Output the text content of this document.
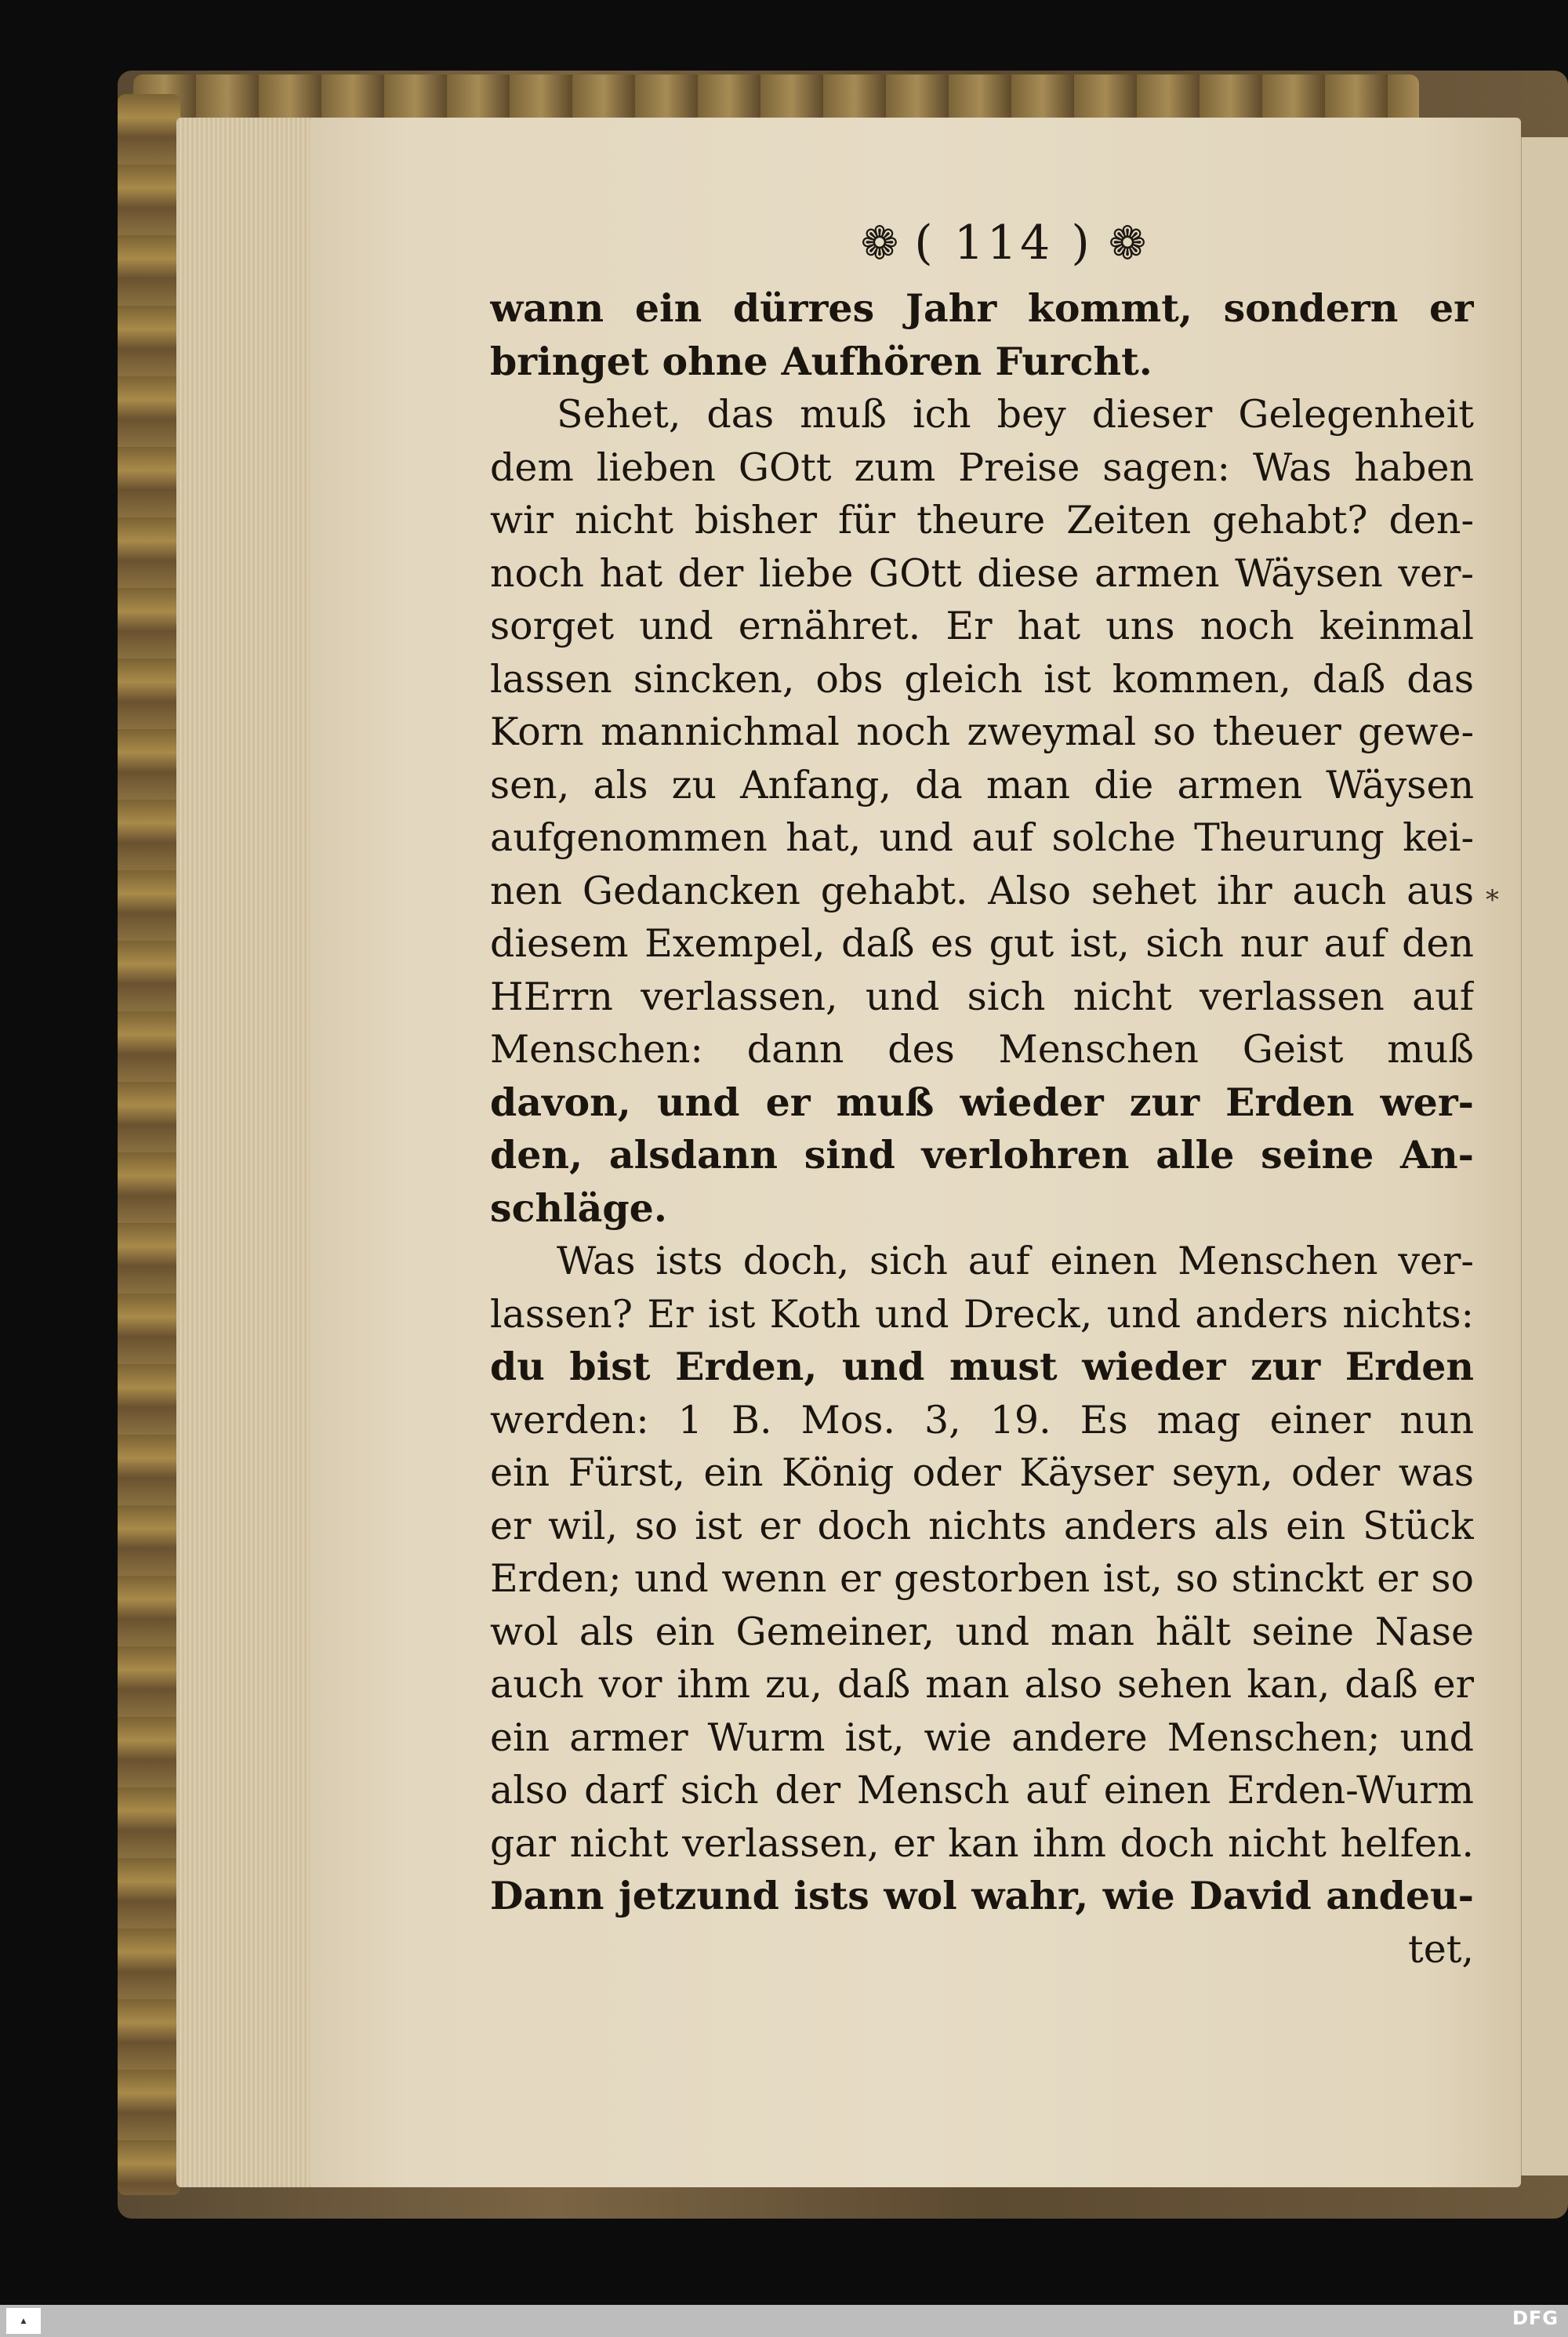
❁ ( 114 ) ❁
wann ein dürres Jahr kommt, sondern er
bringet ohne Aufhören Furcht.
Sehet, das muß ich bey dieser Gelegenheit
dem lieben GOtt zum Preise sagen: Was haben
wir nicht bisher für theure Zeiten gehabt? den-
noch hat der liebe GOtt diese armen Wäysen ver-
sorget und ernähret. Er hat uns noch keinmal
lassen sincken, obs gleich ist kommen, daß das
Korn mannichmal noch zweymal so theuer gewe-
sen, als zu Anfang, da man die armen Wäysen
aufgenommen hat, und auf solche Theurung kei-
nen Gedancken gehabt. Also sehet ihr auch aus
diesem Exempel, daß es gut ist, sich nur auf den
HErrn verlassen, und sich nicht verlassen auf
Menschen: dann des Menschen Geist muß
davon, und er muß wieder zur Erden wer-
den, alsdann sind verlohren alle seine An-
schläge.
Was ists doch, sich auf einen Menschen ver-
lassen? Er ist Koth und Dreck, und anders nichts:
du bist Erden, und must wieder zur Erden
werden: 1 B. Mos. 3, 19. Es mag einer nun
ein Fürst, ein König oder Käyser seyn, oder was
er wil, so ist er doch nichts anders als ein Stück
Erden; und wenn er gestorben ist, so stinckt er so
wol als ein Gemeiner, und man hält seine Nase
auch vor ihm zu, daß man also sehen kan, daß er
ein armer Wurm ist, wie andere Menschen; und
also darf sich der Mensch auf einen Erden-Wurm
gar nicht verlassen, er kan ihm doch nicht helfen.
Dann jetzund ists wol wahr, wie David andeu-
tet,
*
▲	DFG
